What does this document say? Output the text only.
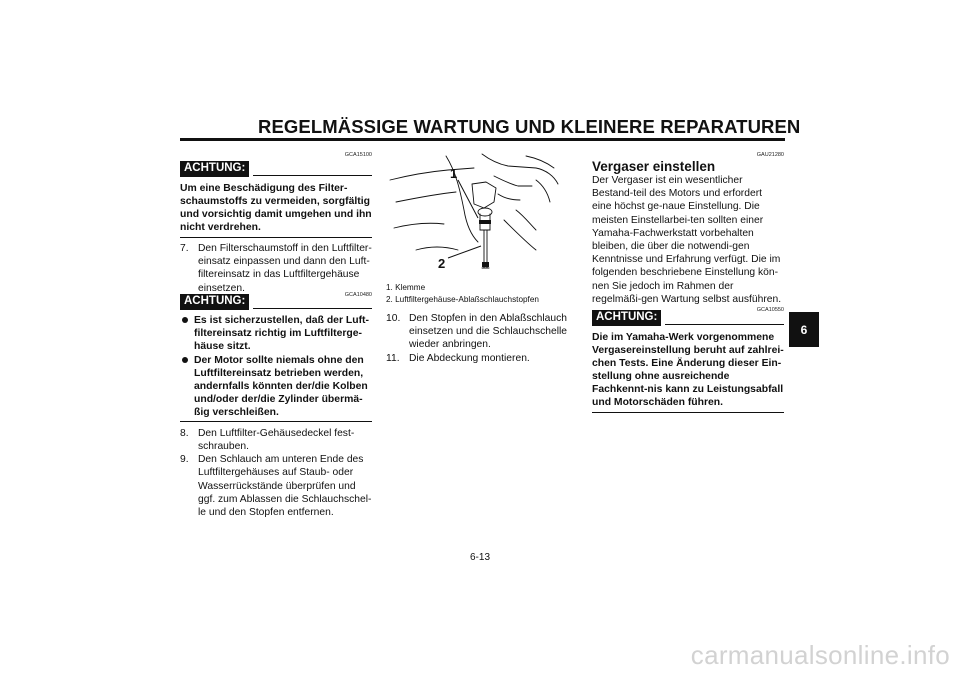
REGELMÄSSIGE WARTUNG UND KLEINERE REPARATUREN
GCA15100
ACHTUNG:
Um eine Beschädigung des Filter-schaumstoffs zu vermeiden, sorgfältig und vorsichtig damit umgehen und ihn nicht verdrehen.
7. Den Filterschaumstoff in den Luftfilter-einsatz einpassen und dann den Luft-filtereinsatz in das Luftfiltergehäuse einsetzen.
GCA10480
ACHTUNG:
Es ist sicherzustellen, daß der Luft-filtereinsatz richtig im Luftfilterge-häuse sitzt.
Der Motor sollte niemals ohne den Luftfiltereinsatz betrieben werden, andernfalls könnten der/die Kolben und/oder der/die Zylinder übermä-ßig verschleißen.
8. Den Luftfilter-Gehäusedeckel fest-schrauben.
9. Den Schlauch am unteren Ende des Luftfiltergehäuses auf Staub- oder Wasserrückstände überprüfen und ggf. zum Ablassen die Schlauchschel-le und den Stopfen entfernen.
1
2
1. Klemme
2. Luftfiltergehäuse-Ablaßschlauchstopfen
10. Den Stopfen in den Ablaßschlauch einsetzen und die Schlauchschelle wieder anbringen.
11. Die Abdeckung montieren.
GAU21280
Vergaser einstellen
Der Vergaser ist ein wesentlicher Bestand-teil des Motors und erfordert eine höchst ge-naue Einstellung. Die meisten Einstellarbei-ten sollten einer Yamaha-Fachwerkstatt vorbehalten bleiben, die über die notwendi-gen Kenntnisse und Erfahrung verfügt. Die im folgenden beschriebene Einstellung kön-nen Sie jedoch im Rahmen der regelmäßi-gen Wartung selbst ausführen.
GCA10550
ACHTUNG:
Die im Yamaha-Werk vorgenommene Vergasereinstellung beruht auf zahlrei-chen Tests. Eine Änderung dieser Ein-stellung ohne ausreichende Fachkennt-nis kann zu Leistungsabfall und Motorschäden führen.
6
6-13
carmanualsonline.info
